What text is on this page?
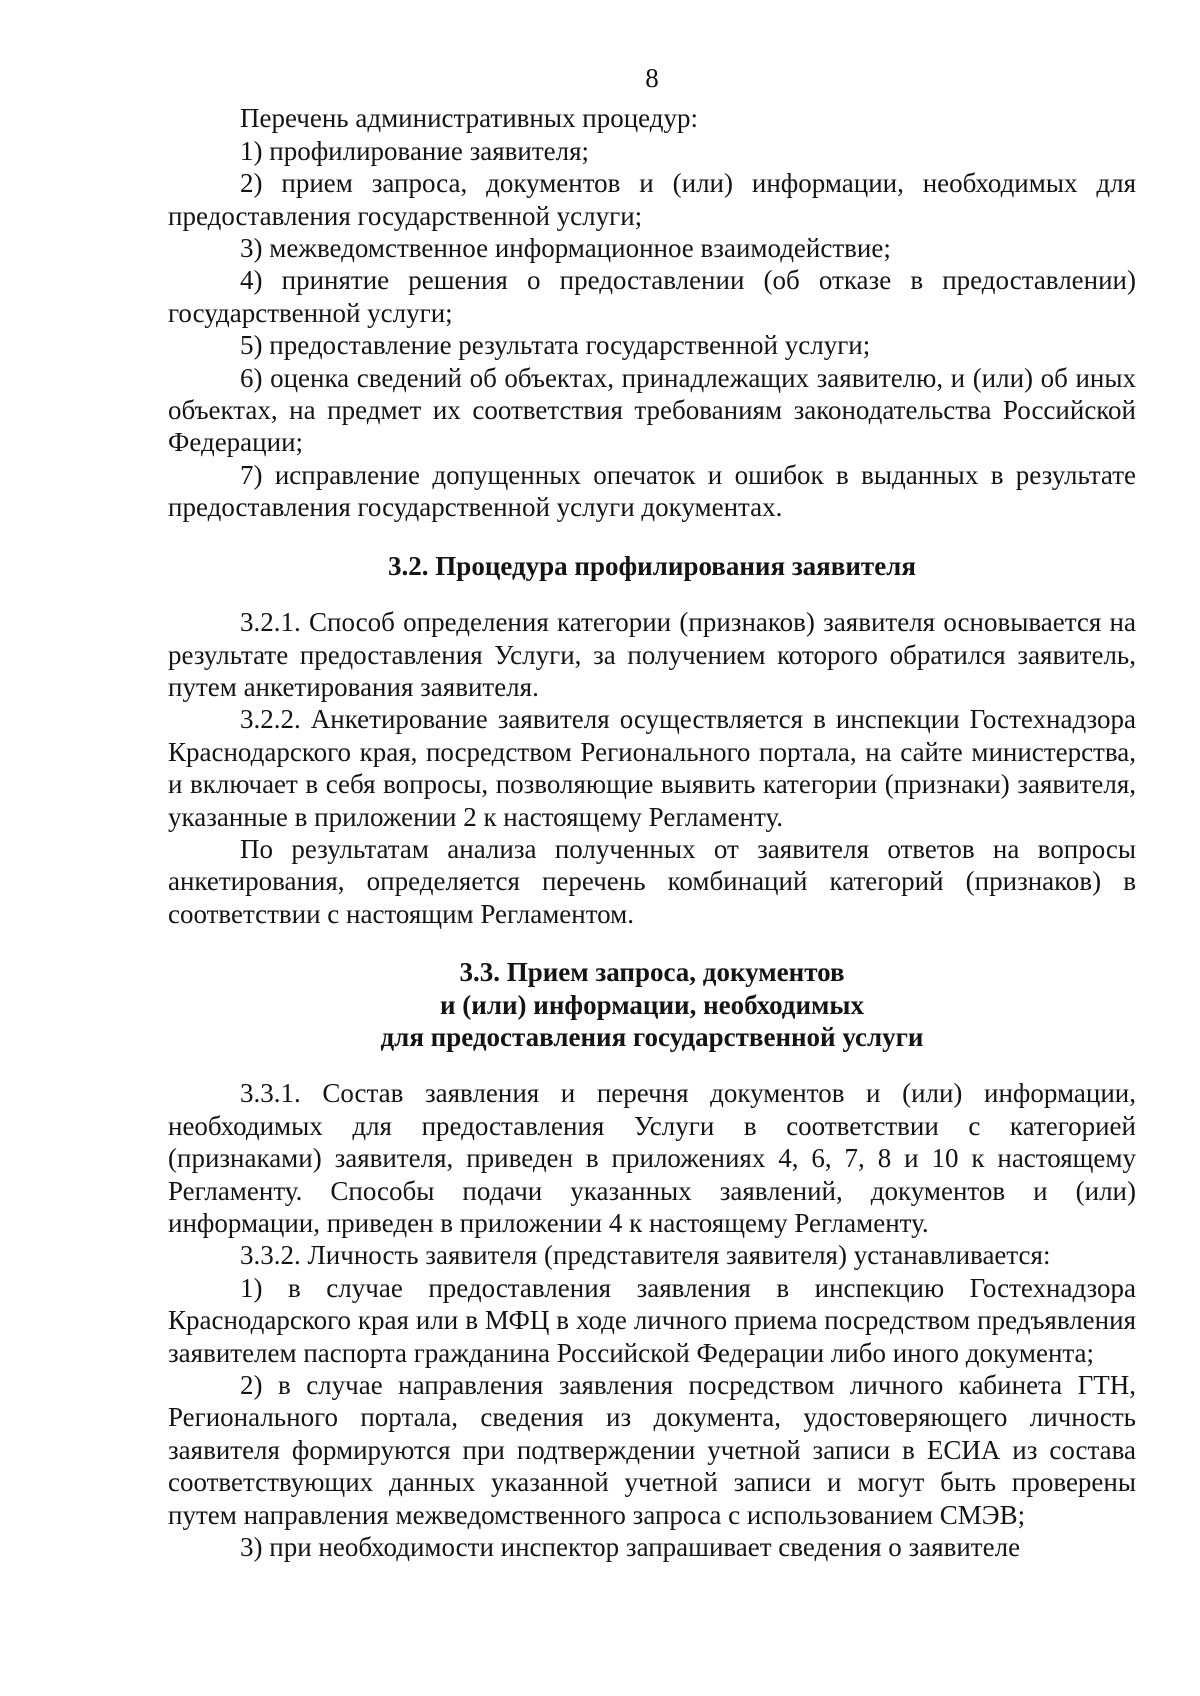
8

Перечень административных процедур:

1) профилирование заявителя;

2) прием запроса, документов и (или) информации, необходимых для предоставления государственной услуги;

3) межведомственное информационное взаимодействие;

4) принятие решения о предоставлении (об отказе в предоставлении) государственной услуги;

5) предоставление результата государственной услуги;

6) оценка сведений об объектах, принадлежащих заявителю, и (или) об иных объектах, на предмет их соответствия требованиям законодательства Российской Федерации;

7) исправление допущенных опечаток и ошибок в выданных в результате предоставления государственной услуги документах.

3.2. Процедура профилирования заявителя

3.2.1. Способ определения категории (признаков) заявителя основывается на результате предоставления Услуги, за получением которого обратился заявитель, путем анкетирования заявителя.

3.2.2. Анкетирование заявителя осуществляется в инспекции Гостехнадзора Краснодарского края, посредством Регионального портала, на сайте министерства, и включает в себя вопросы, позволяющие выявить категории (признаки) заявителя, указанные в приложении 2 к настоящему Регламенту.

По результатам анализа полученных от заявителя ответов на вопросы анкетирования, определяется перечень комбинаций категорий (признаков) в соответствии с настоящим Регламентом.

3.3. Прием запроса, документов
и (или) информации, необходимых
для предоставления государственной услуги

3.3.1. Состав заявления и перечня документов и (или) информации, необходимых для предоставления Услуги в соответствии с категорией (признаками) заявителя, приведен в приложениях 4, 6, 7, 8 и 10 к настоящему Регламенту. Способы подачи указанных заявлений, документов и (или) информации, приведен в приложении 4 к настоящему Регламенту.

3.3.2. Личность заявителя (представителя заявителя) устанавливается:

1) в случае предоставления заявления в инспекцию Гостехнадзора Краснодарского края или в МФЦ в ходе личного приема посредством предъявления заявителем паспорта гражданина Российской Федерации либо иного документа;

2) в случае направления заявления посредством личного кабинета ГТН, Регионального портала, сведения из документа, удостоверяющего личность заявителя формируются при подтверждении учетной записи в ЕСИА из состава соответствующих данных указанной учетной записи и могут быть проверены путем направления межведомственного запроса с использованием СМЭВ;

3) при необходимости инспектор запрашивает сведения о заявителе
